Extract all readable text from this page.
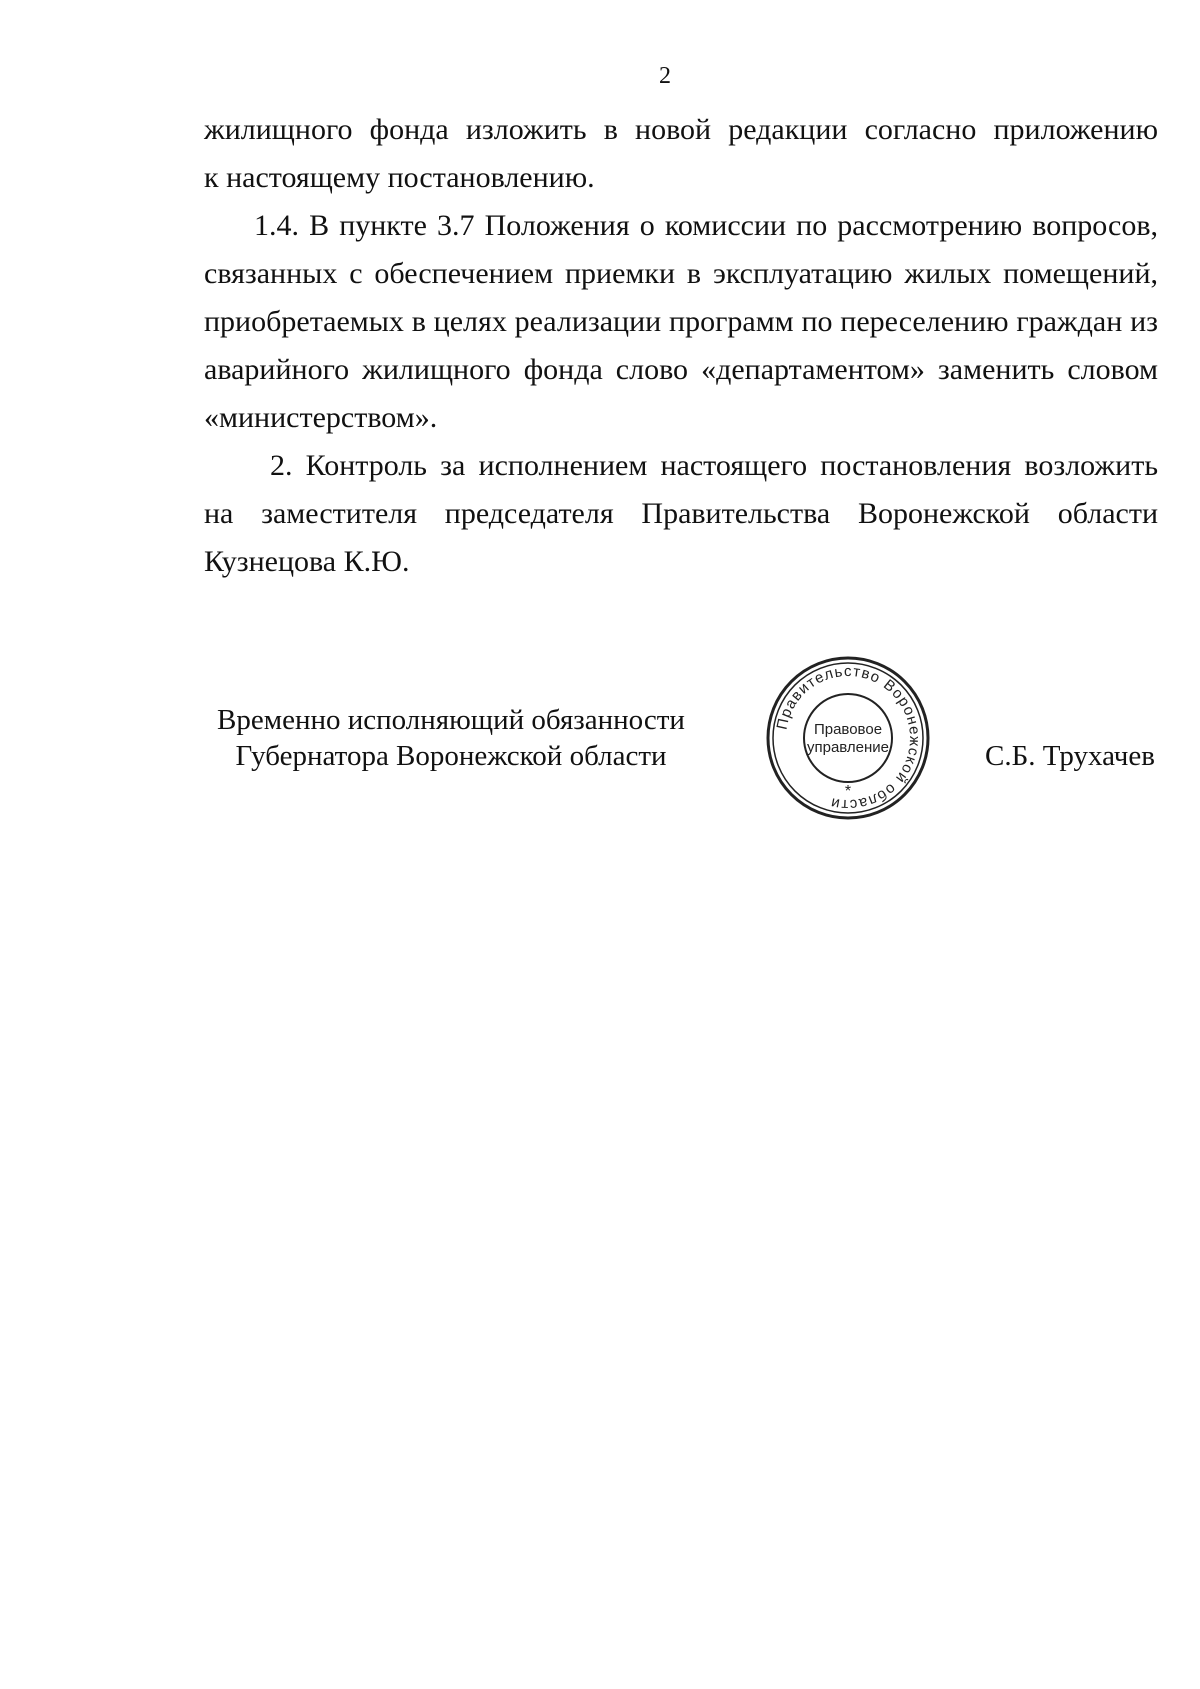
2
жилищного фонда изложить в новой редакции согласно приложению
к настоящему постановлению.
1.4. В пункте 3.7 Положения о комиссии по рассмотрению вопросов,
связанных с обеспечением приемки в эксплуатацию жилых помещений,
приобретаемых в целях реализации программ по переселению граждан из
аварийного жилищного фонда слово «департаментом» заменить словом
«министерством».
2. Контроль за исполнением настоящего постановления возложить
на заместителя председателя Правительства Воронежской области
Кузнецова К.Ю.
Временно исполняющий обязанности
Губернатора Воронежской области
Правительство Воронежской области
Правовое
управление
*
С.Б. Трухачев
